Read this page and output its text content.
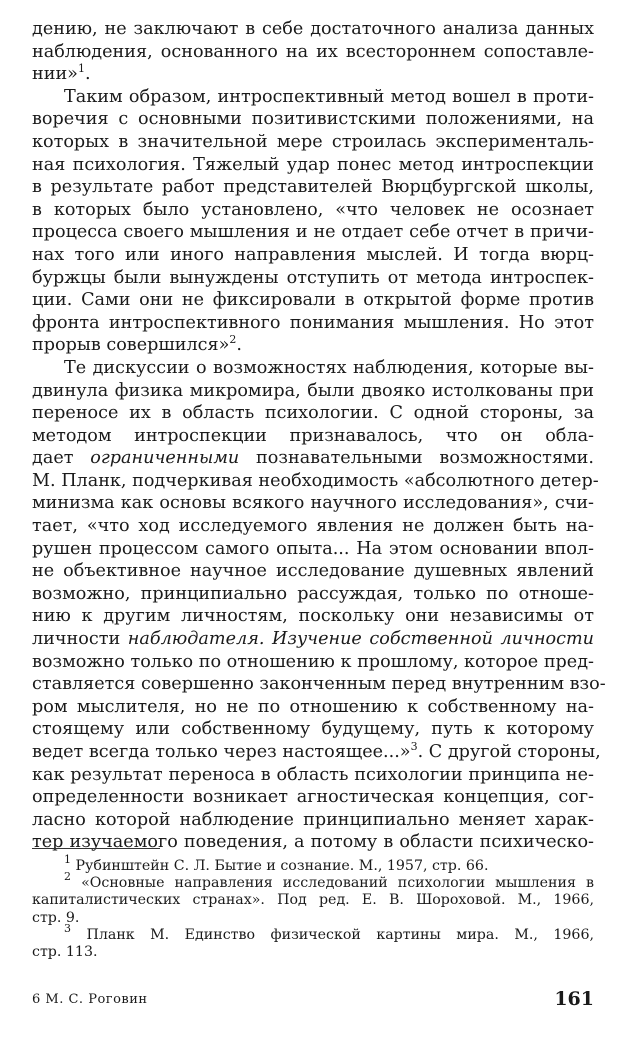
дению, не заключают в себе достаточного анализа данных
наблюдения, основанного на их всестороннем сопоставле-
нии»$^1$.
Таким образом, интроспективный метод вошел в проти-
воречия с основными позитивистскими положениями, на
которых в значительной мере строилась эксперименталь-
ная психология. Тяжелый удар понес метод интроспекции
в результате работ представителей Вюрцбургской школы,
в которых было установлено, «что человек не осознает
процесса своего мышления и не отдает себе отчет в причи-
нах того или иного направления мыслей. И тогда вюрц-
буржцы были вынуждены отступить от метода интроспек-
ции. Сами они не фиксировали в открытой форме против
фронта интроспективного понимания мышления. Но этот
прорыв совершился»$^2$.
Те дискуссии о возможностях наблюдения, которые вы-
двинула физика микромира, были двояко истолкованы при
переносе их в область психологии. С одной стороны, за
методом интроспекции признавалось, что он обла-
дает ограниченными познавательными возможностями.
М. Планк, подчеркивая необходимость «абсолютного детер-
минизма как основы всякого научного исследования», счи-
тает, «что ход исследуемого явления не должен быть на-
рушен процессом самого опыта... На этом основании впол-
не объективное научное исследование душевных явлений
возможно, принципиально рассуждая, только по отноше-
нию к другим личностям, поскольку они независимы от
личности наблюдателя. Изучение собственной личности
возможно только по отношению к прошлому, которое пред-
ставляется совершенно законченным перед внутренним взо-
ром мыслителя, но не по отношению к собственному на-
стоящему или собственному будущему, путь к которому
ведет всегда только через настоящее...»$^3$. С другой стороны,
как результат переноса в область психологии принципа не-
определенности возникает агностическая концепция, сог-
ласно которой наблюдение принципиально меняет харак-
тер изучаемого поведения, а потому в области психическо-
$^1$ Рубинштейн С. Л. Бытие и сознание. М., 1957, стр. 66.
$^2$ «Основные направления исследований психологии мышления в
капиталистических странах». Под ред. Е. В. Шороховой. М., 1966,
стр. 9.
$^3$ Планк М. Единство физической картины мира. М., 1966,
стр. 113.
6 М. С. Роговин	161
